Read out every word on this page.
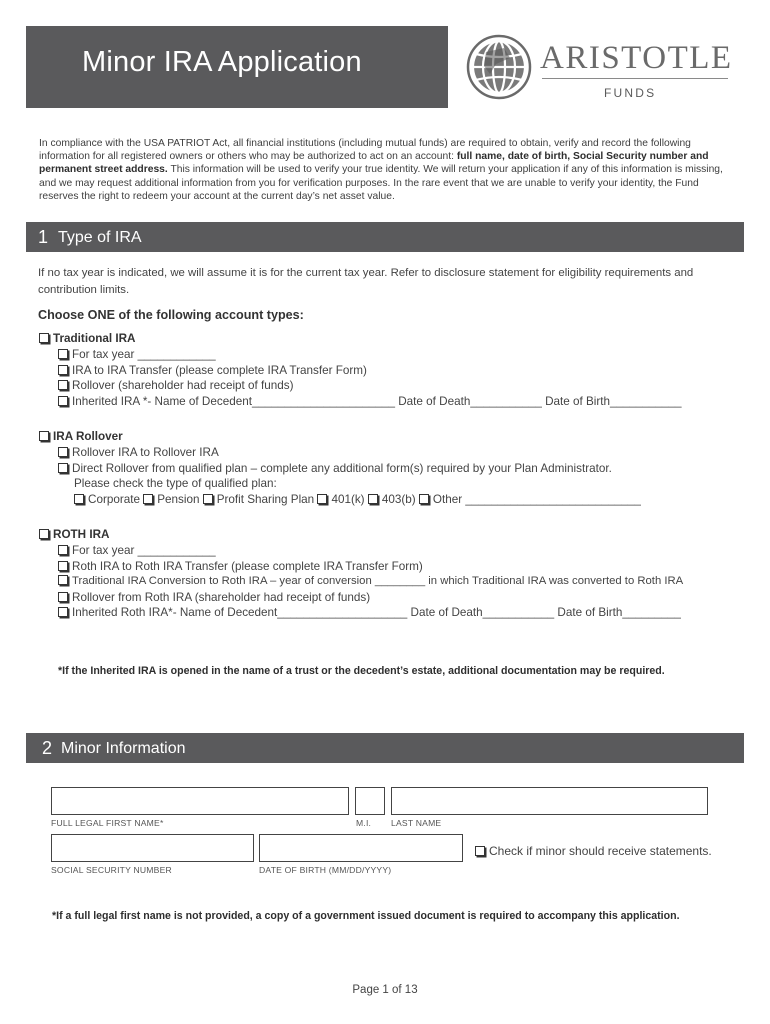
Minor IRA Application	ARISTOTLE
FUNDS
In compliance with the USA PATRIOT Act, all financial institutions (including mutual funds) are required to obtain, verify and record the following information for all registered owners or others who may be authorized to act on an account: full name, date of birth, Social Security number and permanent street address. This information will be used to verify your true identity. We will return your application if any of this information is missing, and we may request additional information from you for verification purposes. In the rare event that we are unable to verify your identity, the Fund reserves the right to redeem your account at the current day’s net asset value.
1 Type of IRA
If no tax year is indicated, we will assume it is for the current tax year. Refer to disclosure statement for eligibility requirements and contribution limits.
Choose ONE of the following account types:
Traditional IRA
For tax year ____________
IRA to IRA Transfer (please complete IRA Transfer Form)
Rollover (shareholder had receipt of funds)
Inherited IRA *- Name of Decedent______________________ Date of Death___________ Date of Birth___________
IRA Rollover
Rollover IRA to Rollover IRA
Direct Rollover from qualified plan – complete any additional form(s) required by your Plan Administrator.
Please check the type of qualified plan:
Corporate Pension Profit Sharing Plan 401(k) 403(b) Other ___________________________
ROTH IRA
For tax year ____________
Roth IRA to Roth IRA Transfer (please complete IRA Transfer Form)
Traditional IRA Conversion to Roth IRA – year of conversion ________ in which Traditional IRA was converted to Roth IRA
Rollover from Roth IRA (shareholder had receipt of funds)
Inherited Roth IRA*- Name of Decedent____________________ Date of Death___________ Date of Birth_________
*If the Inherited IRA is opened in the name of a trust or the decedent’s estate, additional documentation may be required.
2 Minor Information
FULL LEGAL FIRST NAME*	M.I. LAST NAME
SOCIAL SECURITY NUMBER	DATE OF BIRTH (MM/DD/YYYY)
Check if minor should receive statements.
*If a full legal first name is not provided, a copy of a government issued document is required to accompany this application.
Page 1 of 13
